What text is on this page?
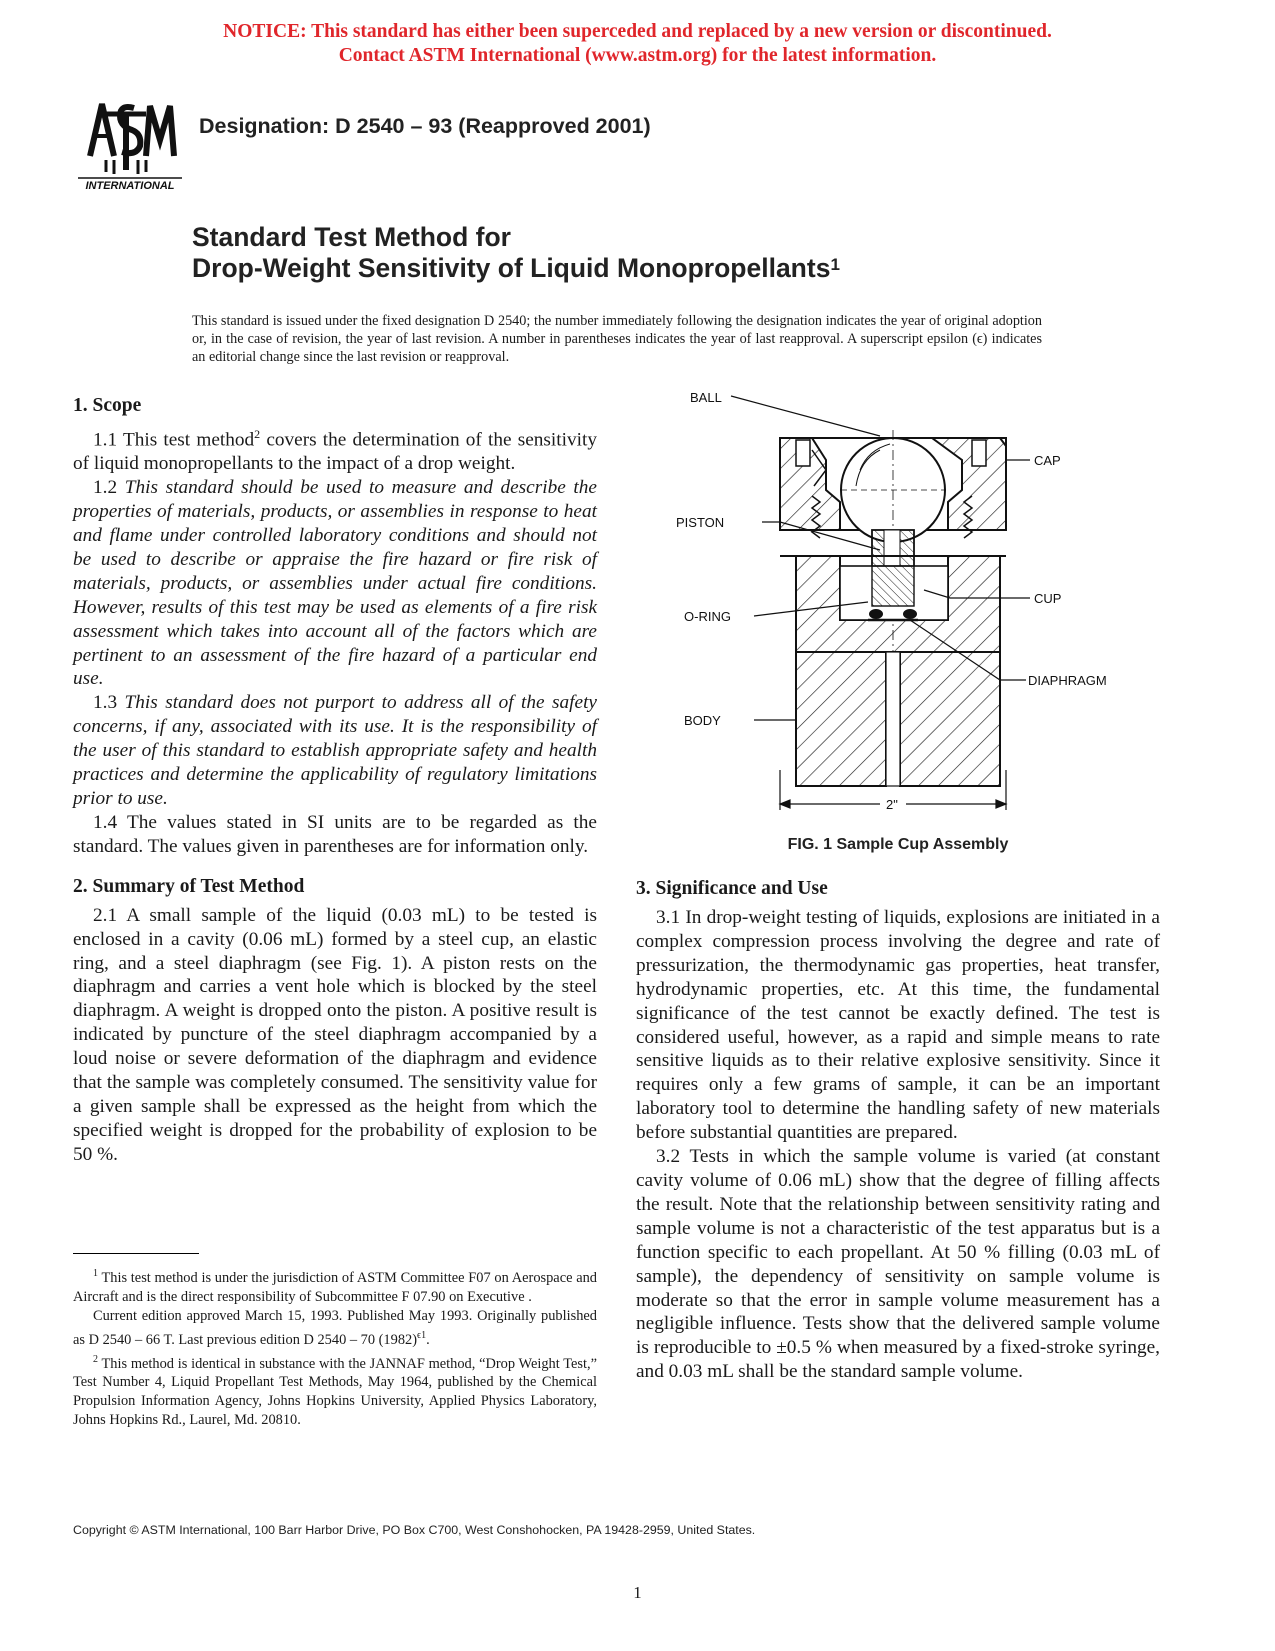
NOTICE: This standard has either been superceded and replaced by a new version or discontinued.
Contact ASTM International (www.astm.org) for the latest information.
INTERNATIONAL
Designation: D 2540 – 93 (Reapproved 2001)
Standard Test Method for
Drop-Weight Sensitivity of Liquid Monopropellants$^1$
This standard is issued under the fixed designation D 2540; the number immediately following the designation indicates the year of original adoption or, in the case of revision, the year of last revision. A number in parentheses indicates the year of last reapproval. A superscript epsilon (ϵ) indicates an editorial change since the last revision or reapproval.
1. Scope

1.1 This test method$^2$ covers the determination of the sensitivity of liquid monopropellants to the impact of a drop weight.

1.2 This standard should be used to measure and describe the properties of materials, products, or assemblies in response to heat and flame under controlled laboratory conditions and should not be used to describe or appraise the fire hazard or fire risk of materials, products, or assemblies under actual fire conditions. However, results of this test may be used as elements of a fire risk assessment which takes into account all of the factors which are pertinent to an assessment of the fire hazard of a particular end use.

1.3 This standard does not purport to address all of the safety concerns, if any, associated with its use. It is the responsibility of the user of this standard to establish appropriate safety and health practices and determine the applicability of regulatory limitations prior to use.

1.4 The values stated in SI units are to be regarded as the standard. The values given in parentheses are for information only.

2. Summary of Test Method

2.1 A small sample of the liquid (0.03 mL) to be tested is enclosed in a cavity (0.06 mL) formed by a steel cup, an elastic ring, and a steel diaphragm (see Fig. 1). A piston rests on the diaphragm and carries a vent hole which is blocked by the steel diaphragm. A weight is dropped onto the piston. A positive result is indicated by puncture of the steel diaphragm accompanied by a loud noise or severe deformation of the diaphragm and evidence that the sample was completely consumed. The sensitivity value for a given sample shall be expressed as the height from which the specified weight is dropped for the probability of explosion to be 50 %.

$^1$ This test method is under the jurisdiction of ASTM Committee F07 on Aerospace and Aircraft and is the direct responsibility of Subcommittee F 07.90 on Executive .

Current edition approved March 15, 1993. Published May 1993. Originally published as D 2540 – 66 T. Last previous edition D 2540 – 70 $(1982)^{\epsilon 1}$.

$^2$ This method is identical in substance with the JANNAF method, “Drop Weight Test,” Test Number 4, Liquid Propellant Test Methods, May 1964, published by the Chemical Propulsion Information Agency, Johns Hopkins University, Applied Physics Laboratory, Johns Hopkins Rd., Laurel, Md. 20810.

BALL
CAP
PISTON
CUP
O-RING
DIAPHRAGM
BODY
2"
FIG. 1 Sample Cup Assembly
3. Significance and Use

3.1 In drop-weight testing of liquids, explosions are initiated in a complex compression process involving the degree and rate of pressurization, the thermodynamic gas properties, heat transfer, hydrodynamic properties, etc. At this time, the fundamental significance of the test cannot be exactly defined. The test is considered useful, however, as a rapid and simple means to rate sensitive liquids as to their relative explosive sensitivity. Since it requires only a few grams of sample, it can be an important laboratory tool to determine the handling safety of new materials before substantial quantities are prepared.

3.2 Tests in which the sample volume is varied (at constant cavity volume of 0.06 mL) show that the degree of filling affects the result. Note that the relationship between sensitivity rating and sample volume is not a characteristic of the test apparatus but is a function specific to each propellant. At 50 % filling (0.03 mL of sample), the dependency of sensitivity on sample volume is moderate so that the error in sample volume measurement has a negligible influence. Tests show that the delivered sample volume is reproducible to ±0.5 % when measured by a fixed-stroke syringe, and 0.03 mL shall be the standard sample volume.

Copyright © ASTM International, 100 Barr Harbor Drive, PO Box C700, West Conshohocken, PA 19428-2959, United States.
1
